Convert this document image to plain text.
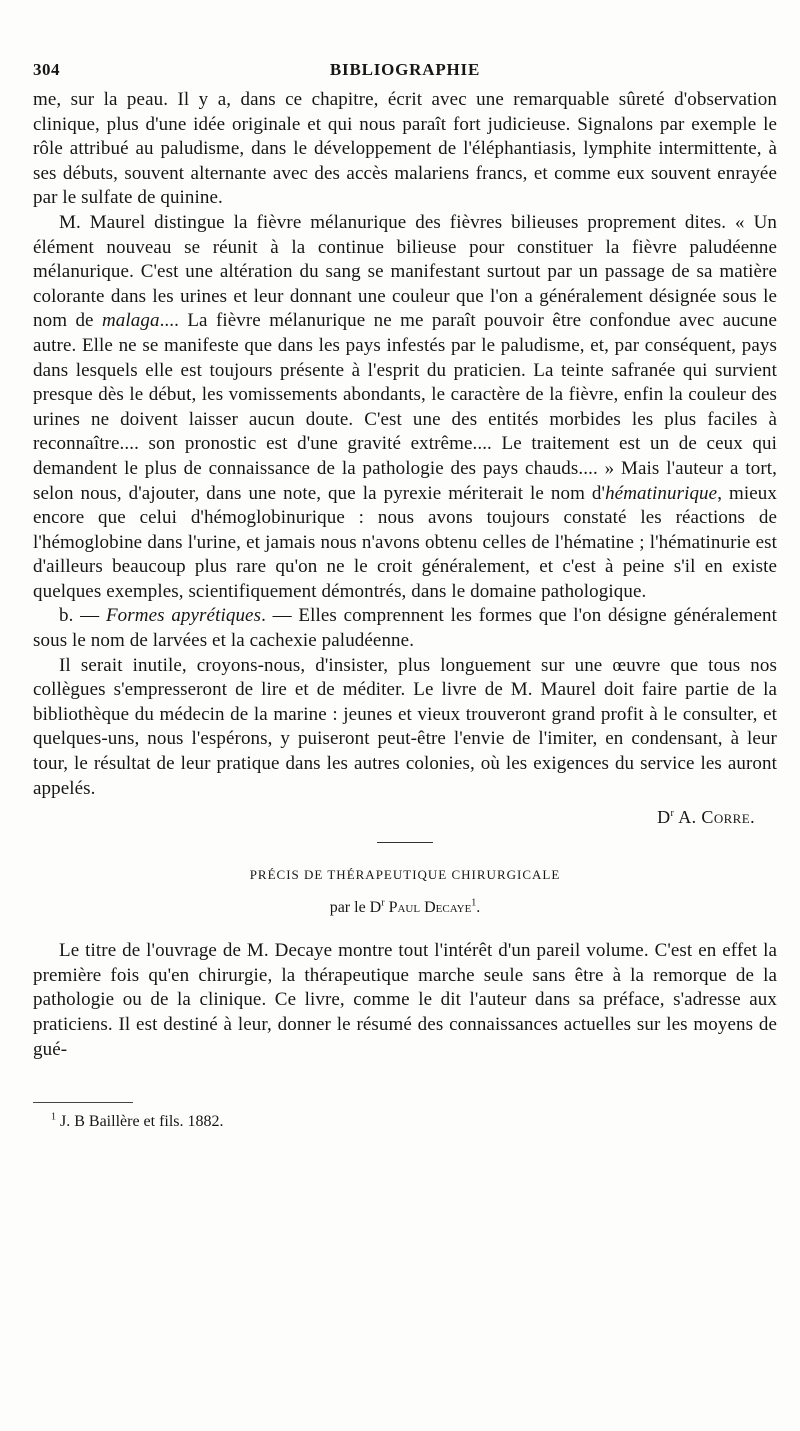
304	BIBLIOGRAPHIE

me, sur la peau. Il y a, dans ce chapitre, écrit avec une remarquable sûreté d'observation clinique, plus d'une idée originale et qui nous paraît fort judicieuse. Signalons par exemple le rôle attribué au paludisme, dans le développement de l'éléphantiasis, lymphite intermittente, à ses débuts, souvent alternante avec des accès malariens francs, et comme eux souvent enrayée par le sulfate de quinine.

M. Maurel distingue la fièvre mélanurique des fièvres bilieuses proprement dites. « Un élément nouveau se réunit à la continue bilieuse pour constituer la fièvre paludéenne mélanurique. C'est une altération du sang se manifestant surtout par un passage de sa matière colorante dans les urines et leur donnant une couleur que l'on a généralement désignée sous le nom de malaga.... La fièvre mélanurique ne me paraît pouvoir être confondue avec aucune autre. Elle ne se manifeste que dans les pays infestés par le paludisme, et, par conséquent, pays dans lesquels elle est toujours présente à l'esprit du praticien. La teinte safranée qui survient presque dès le début, les vomissements abondants, le caractère de la fièvre, enfin la couleur des urines ne doivent laisser aucun doute. C'est une des entités morbides les plus faciles à reconnaître.... son pronostic est d'une gravité extrême.... Le traitement est un de ceux qui demandent le plus de connaissance de la pathologie des pays chauds.... » Mais l'auteur a tort, selon nous, d'ajouter, dans une note, que la pyrexie mériterait le nom d'hématinurique, mieux encore que celui d'hémoglobinurique : nous avons toujours constaté les réactions de l'hémoglobine dans l'urine, et jamais nous n'avons obtenu celles de l'hématine ; l'hématinurie est d'ailleurs beaucoup plus rare qu'on ne le croit généralement, et c'est à peine s'il en existe quelques exemples, scientifiquement démontrés, dans le domaine pathologique.

b. — Formes apyrétiques. — Elles comprennent les formes que l'on désigne généralement sous le nom de larvées et la cachexie paludéenne.

Il serait inutile, croyons-nous, d'insister, plus longuement sur une œuvre que tous nos collègues s'empresseront de lire et de méditer. Le livre de M. Maurel doit faire partie de la bibliothèque du médecin de la marine : jeunes et vieux trouveront grand profit à le consulter, et quelques-uns, nous l'espérons, y puiseront peut-être l'envie de l'imiter, en condensant, à leur tour, le résultat de leur pratique dans les autres colonies, où les exigences du service les auront appelés.

$D^r$ A. Corre.
PRÉCIS DE THÉRAPEUTIQUE CHIRURGICALE
par le $D^r$ Paul Decaye$^1$.

Le titre de l'ouvrage de M. Decaye montre tout l'intérêt d'un pareil volume. C'est en effet la première fois qu'en chirurgie, la thérapeutique marche seule sans être à la remorque de la pathologie ou de la clinique. Ce livre, comme le dit l'auteur dans sa préface, s'adresse aux praticiens. Il est destiné à leur, donner le résumé des connaissances actuelles sur les moyens de gué-

$^1$ J. B Baillère et fils. 1882.
